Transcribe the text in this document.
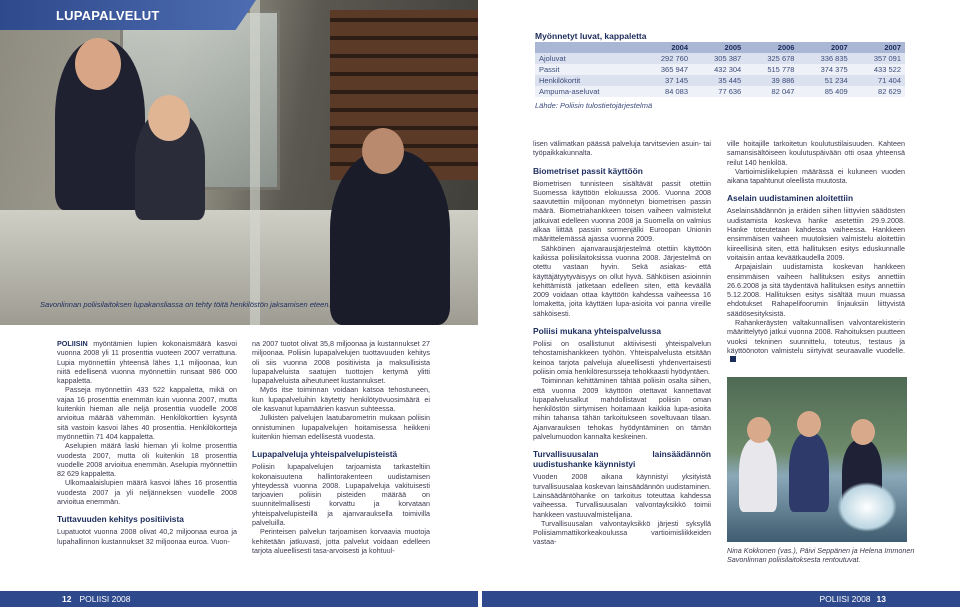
Savonlinnan poliisilaitoksen lupakansliassa on tehty töitä henkilöstön jaksamisen eteen.
LUPAPALVELUT
Myönnetyt luvat, kappaletta
	2004	2005	2006	2007	2007
Ajoluvat	292 760	305 387	325 678	336 835	357 091
Passit	365 947	432 304	515 778	374 375	433 522
Henkilökortit	37 145	35 445	39 886	51 234	71 404
Ampuma-aseluvat	84 083	77 636	82 047	85 409	82 629
Lähde: Poliisin tulostietojärjestelmä

POLIISIN myöntämien lupien kokonaismäärä kasvoi vuonna 2008 yli 11 prosenttia vuoteen 2007 verrattuna. Lupia myönnettiin yhteensä lähes 1,1 miljoonaa, kun niitä edellisenä vuonna myönnettiin runsaat 986 000 kappaletta.

Passeja myönnettiin 433 522 kappaletta, mikä on vajaa 16 prosenttia enemmän kuin vuonna 2007, mutta kuitenkin hieman alle neljä prosenttia vuodelle 2008 arvioitua määrää vähemmän. Henkilökorttien kysyntä sitä vastoin kasvoi lähes 40 prosenttia. Henkilökortteja myönnettiin 71 404 kappaletta.

Aselupien määrä laski hieman yli kolme prosenttia vuodesta 2007, mutta oli kuitenkin 18 prosenttia vuodelle 2008 arvioitua enemmän. Aselupia myönnettiin 82 629 kappaletta.

Ulkomaalaislupien määrä kasvoi lähes 16 prosenttia vuodesta 2007 ja yli neljänneksen vuodelle 2008 arvioitua enemmän.

Tuttavuuden kehitys positiivista

Lupatuotot vuonna 2008 olivat 40,2 miljoonaa euroa ja lupahallinnon kustannukset 32 miljoonaa euroa. Vuon-

na 2007 tuotot olivat 35,8 miljoonaa ja kustannukset 27 miljoonaa. Poliisin lupapalvelujen tuottavuuden kehitys oli siis vuonna 2008 positiivista ja maksullisista lupapalveluista saatujen tuottojen kertymä ylitti lupapalveluista aiheutuneet kustannukset.

Myös itse toiminnan voidaan katsoa tehostuneen, kun lupapalveluihin käytetty henkilötyövuosimäärä ei ole kasvanut lupamäärien kasvun suhteessa.

Julkisten palvelujen laatubarometrin mukaan poliisin onnistuminen lupapalvelujen hoitamisessa heikkeni kuitenkin hieman edellisestä vuodesta.

Lupapalveluja yhteispalvelupisteistä

Poliisin lupapalvelujen tarjoamista tarkasteltiin kokonaisuutena hallintorakenteen uudistamisen yhteydessä vuonna 2008. Lupapalveluja vakituisesti tarjoavien poliisin pisteiden määrää on suunnitelmallisesti korvattu ja korvataan yhteispalvelupisteillä ja ajanvarauksella toimivilla palveluilla.

Perinteisen palvelun tarjoamisen korvaavia muotoja kehitetään jatkuvasti, jotta palvelut voidaan edelleen tarjota alueellisesti tasa-arvoisesti ja kohtuul-

lisen välimatkan päässä palveluja tarvitsevien asuin- tai työpaikkakunnalta.

Biometriset passit käyttöön

Biometrisen tunnisteen sisältävät passit otettiin Suomessa käyttöön elokuussa 2006. Vuonna 2008 saavutettiin miljoonan myönnetyn biometrisen passin määrä. Biometriahankkeen toisen vaiheen valmistelut jatkuivat edelleen vuonna 2008 ja Suomella on valmius alkaa liittää passiin sormenjälki Euroopan Unionin määrittelemässä ajassa vuonna 2009.

Sähköinen ajanvarausjärjestelmä otettiin käyttöön kaikissa poliisilaitoksissa vuonna 2008. Järjestelmä on otettu vastaan hyvin. Sekä asiakas- että käyttäjätyytyväisyys on ollut hyvä. Sähköisen asioinnin kehittämistä jatketaan edelleen siten, että keväällä 2009 voidaan ottaa käyttöön kahdessa vaiheessa 16 lomaketta, joita käyttäen lupa-asioita voi panna vireille sähköisesti.

Poliisi mukana yhteispalvelussa

Poliisi on osallistunut aktiivisesti yhteispalvelun tehostamishankkeen työhön. Yhteispalvelusta etsitään keinoa tarjota palveluja alueellisesti yhdenvertaisesti poliisin omia henkilöresursseja tehokkaasti hyödyntäen.

Toiminnan kehittäminen tähtää poliisin osalta siihen, että vuonna 2009 käyttöön otettavat kannettavat lupapalvelusalkut mahdollistavat poliisin oman henkilöstön siirtymisen hoitamaan kaikkia lupa-asioita mihin tahansa tähän tarkoitukseen soveltuvaan tilaan. Ajanvarauksen tehokas hyödyntäminen on tämän palvelumuodon kannalta keskeinen.

Turvallisuusalan lainsäädännön uudistushanke käynnistyi

Vuoden 2008 aikana käynnistyi yksityistä turvallisuusalaa koskevan lainsäädännön uudistaminen. Lainsäädäntöhanke on tarkoitus toteuttaa kahdessa vaiheessa. Turvallisuusalan valvontayksikkö toimii hankkeen vastuuvalmistelijana.

Turvallisuusalan valvontayksikkö järjesti syksyllä Poliisiammattikorkeakoulussa vartioimisliikkeiden vastaa-

ville hoitajille tarkoitetun koulutustilaisuuden. Kahteen samansisältöiseen koulutuspäivään otti osaa yhteensä reilut 140 henkilöä.

Vartioimisliikelupien määrässä ei kuluneen vuoden aikana tapahtunut oleellista muutosta.

Aselain uudistaminen aloitettiin

Aselainsäädännön ja eräiden siihen liittyvien säädösten uudistamista koskeva hanke asetettiin 29.9.2008. Hanke toteutetaan kahdessa vaiheessa. Hankkeen ensimmäisen vaiheen muutoksien valmistelu aloitettiin kiireellisinä siten, että hallituksen esitys eduskunnalle voitaisiin antaa keväätkaudella 2009.

Arpajaislain uudistamista koskevan hankkeen ensimmäisen vaiheen hallituksen esitys annettiin 26.6.2008 ja sitä täydentävä hallituksen esitys annettiin 5.12.2008. Hallituksen esitys sisältää muun muassa ehdotukset Rahapelifoorumin linjauksiin liittyvistä säädösesityksistä.

Rahankeräysten valtakunnallisen valvontarekisterin määrittelytyö jatkui vuonna 2008. Rahoituksen puutteen vuoksi tekninen suunnittelu, toteutus, testaus ja käyttöönoton valmistelu siirtyivät seuraavalle vuodelle.

Nina Kokkonen (vas.), Päivi Seppänen ja Helena Immonen Savonlinnan poliisilaitoksesta rentoutuvat.
12 POLIISI 2008	POLIISI 2008 13
